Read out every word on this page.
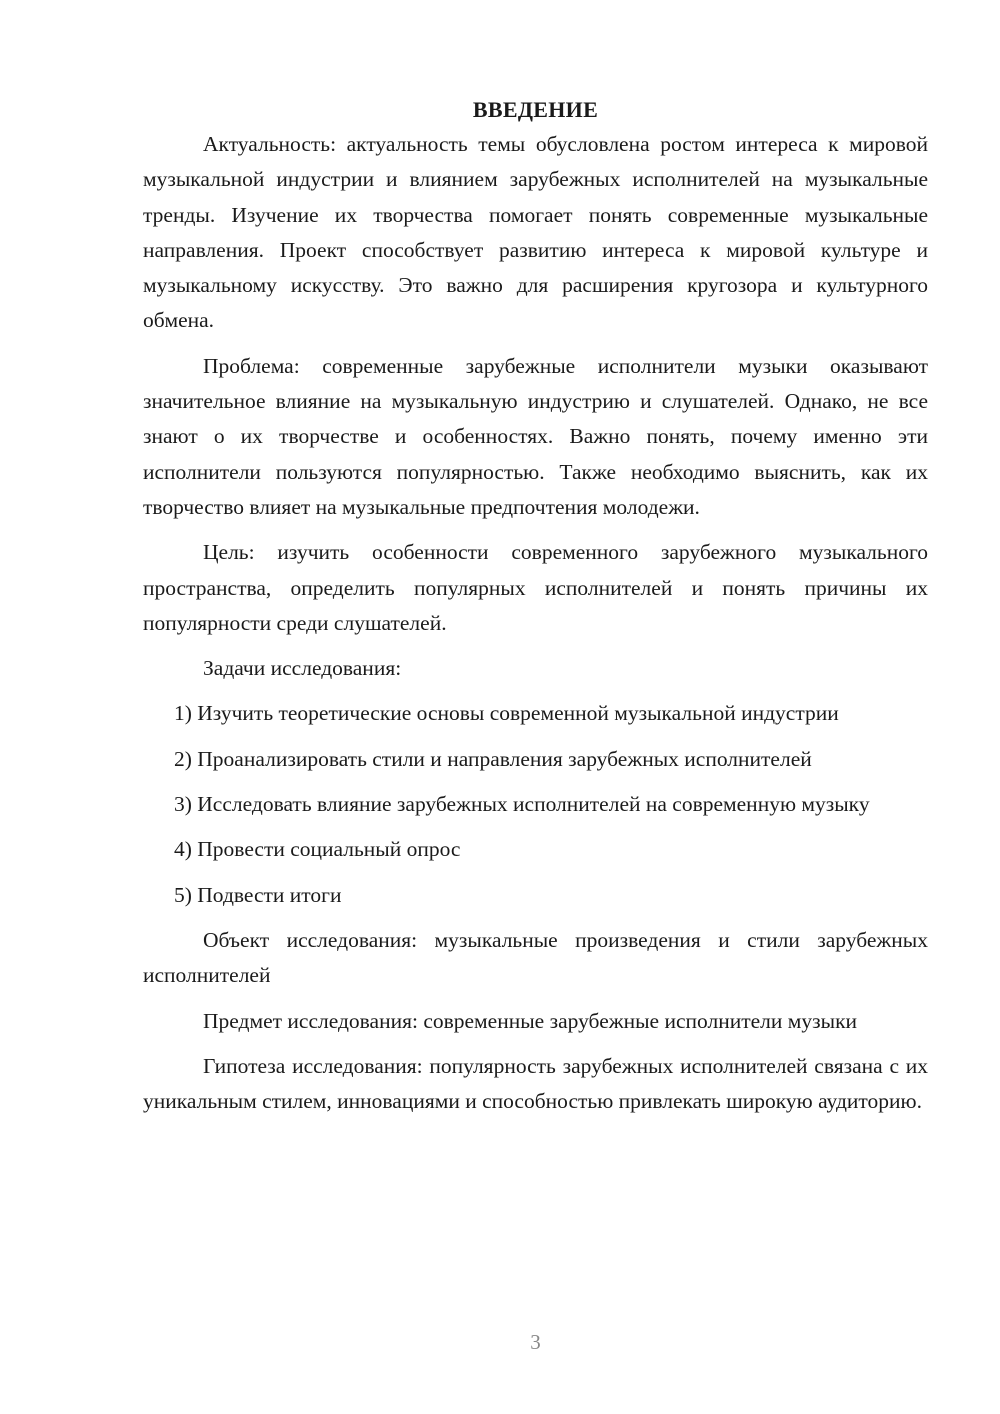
ВВЕДЕНИЕ

Актуальность: актуальность темы обусловлена ростом интереса к мировой музыкальной индустрии и влиянием зарубежных исполнителей на музыкальные тренды. Изучение их творчества помогает понять современные музыкальные направления. Проект способствует развитию интереса к мировой культуре и музыкальному искусству. Это важно для расширения кругозора и культурного обмена.

Проблема: современные зарубежные исполнители музыки оказывают значительное влияние на музыкальную индустрию и слушателей. Однако, не все знают о их творчестве и особенностях. Важно понять, почему именно эти исполнители пользуются популярностью. Также необходимо выяснить, как их творчество влияет на музыкальные предпочтения молодежи.

Цель: изучить особенности современного зарубежного музыкального пространства, определить популярных исполнителей и понять причины их популярности среди слушателей.

Задачи исследования:

1) Изучить теоретические основы современной музыкальной индустрии

2) Проанализировать стили и направления зарубежных исполнителей

3) Исследовать влияние зарубежных исполнителей на современную музыку

4) Провести социальный опрос

5) Подвести итоги

Объект исследования: музыкальные произведения и стили зарубежных исполнителей

Предмет исследования: современные зарубежные исполнители музыки

Гипотеза исследования: популярность зарубежных исполнителей связана с их уникальным стилем, инновациями и способностью привлекать широкую аудиторию.

3
